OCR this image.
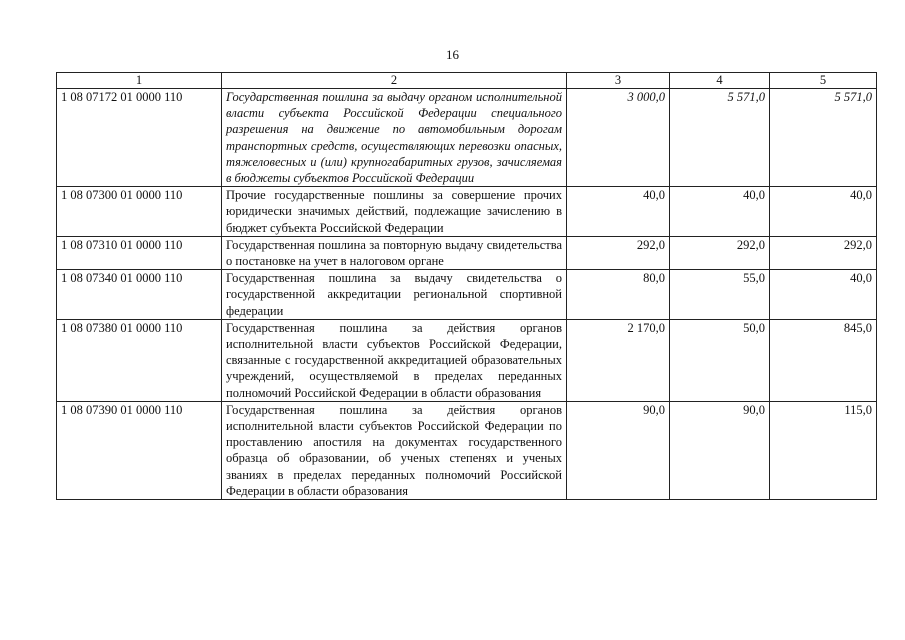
16
1	2	3	4	5
1 08 07172 01 0000 110	Государственная пошлина за выдачу органом исполнительной власти субъекта Российской Федерации специального разрешения на движение по автомобильным дорогам транспортных средств, осуществляющих перевозки опасных, тяжеловесных и (или) крупногабаритных грузов, зачисляемая в бюджеты субъектов Российской Федерации	3 000,0	5 571,0	5 571,0
1 08 07300 01 0000 110	Прочие государственные пошлины за совершение прочих юридически значимых действий, подлежащие зачислению в бюджет субъекта Российской Федерации	40,0	40,0	40,0
1 08 07310 01 0000 110	Государственная пошлина за повторную выдачу свидетельства о постановке на учет в налоговом органе	292,0	292,0	292,0
1 08 07340 01 0000 110	Государственная пошлина за выдачу свидетельства о государственной аккредитации региональной спортивной федерации	80,0	55,0	40,0
1 08 07380 01 0000 110	Государственная пошлина за действия органов исполнительной власти субъектов Российской Федерации, связанные с государственной аккредитацией образовательных учреждений, осуществляемой в пределах переданных полномочий Российской Федерации в области образования	2 170,0	50,0	845,0
1 08 07390 01 0000 110	Государственная пошлина за действия органов исполнительной власти субъектов Российской Федерации по проставлению апостиля на документах государственного образца об образовании, об ученых степенях и ученых званиях в пределах переданных полномочий Российской Федерации в области образования	90,0	90,0	115,0
